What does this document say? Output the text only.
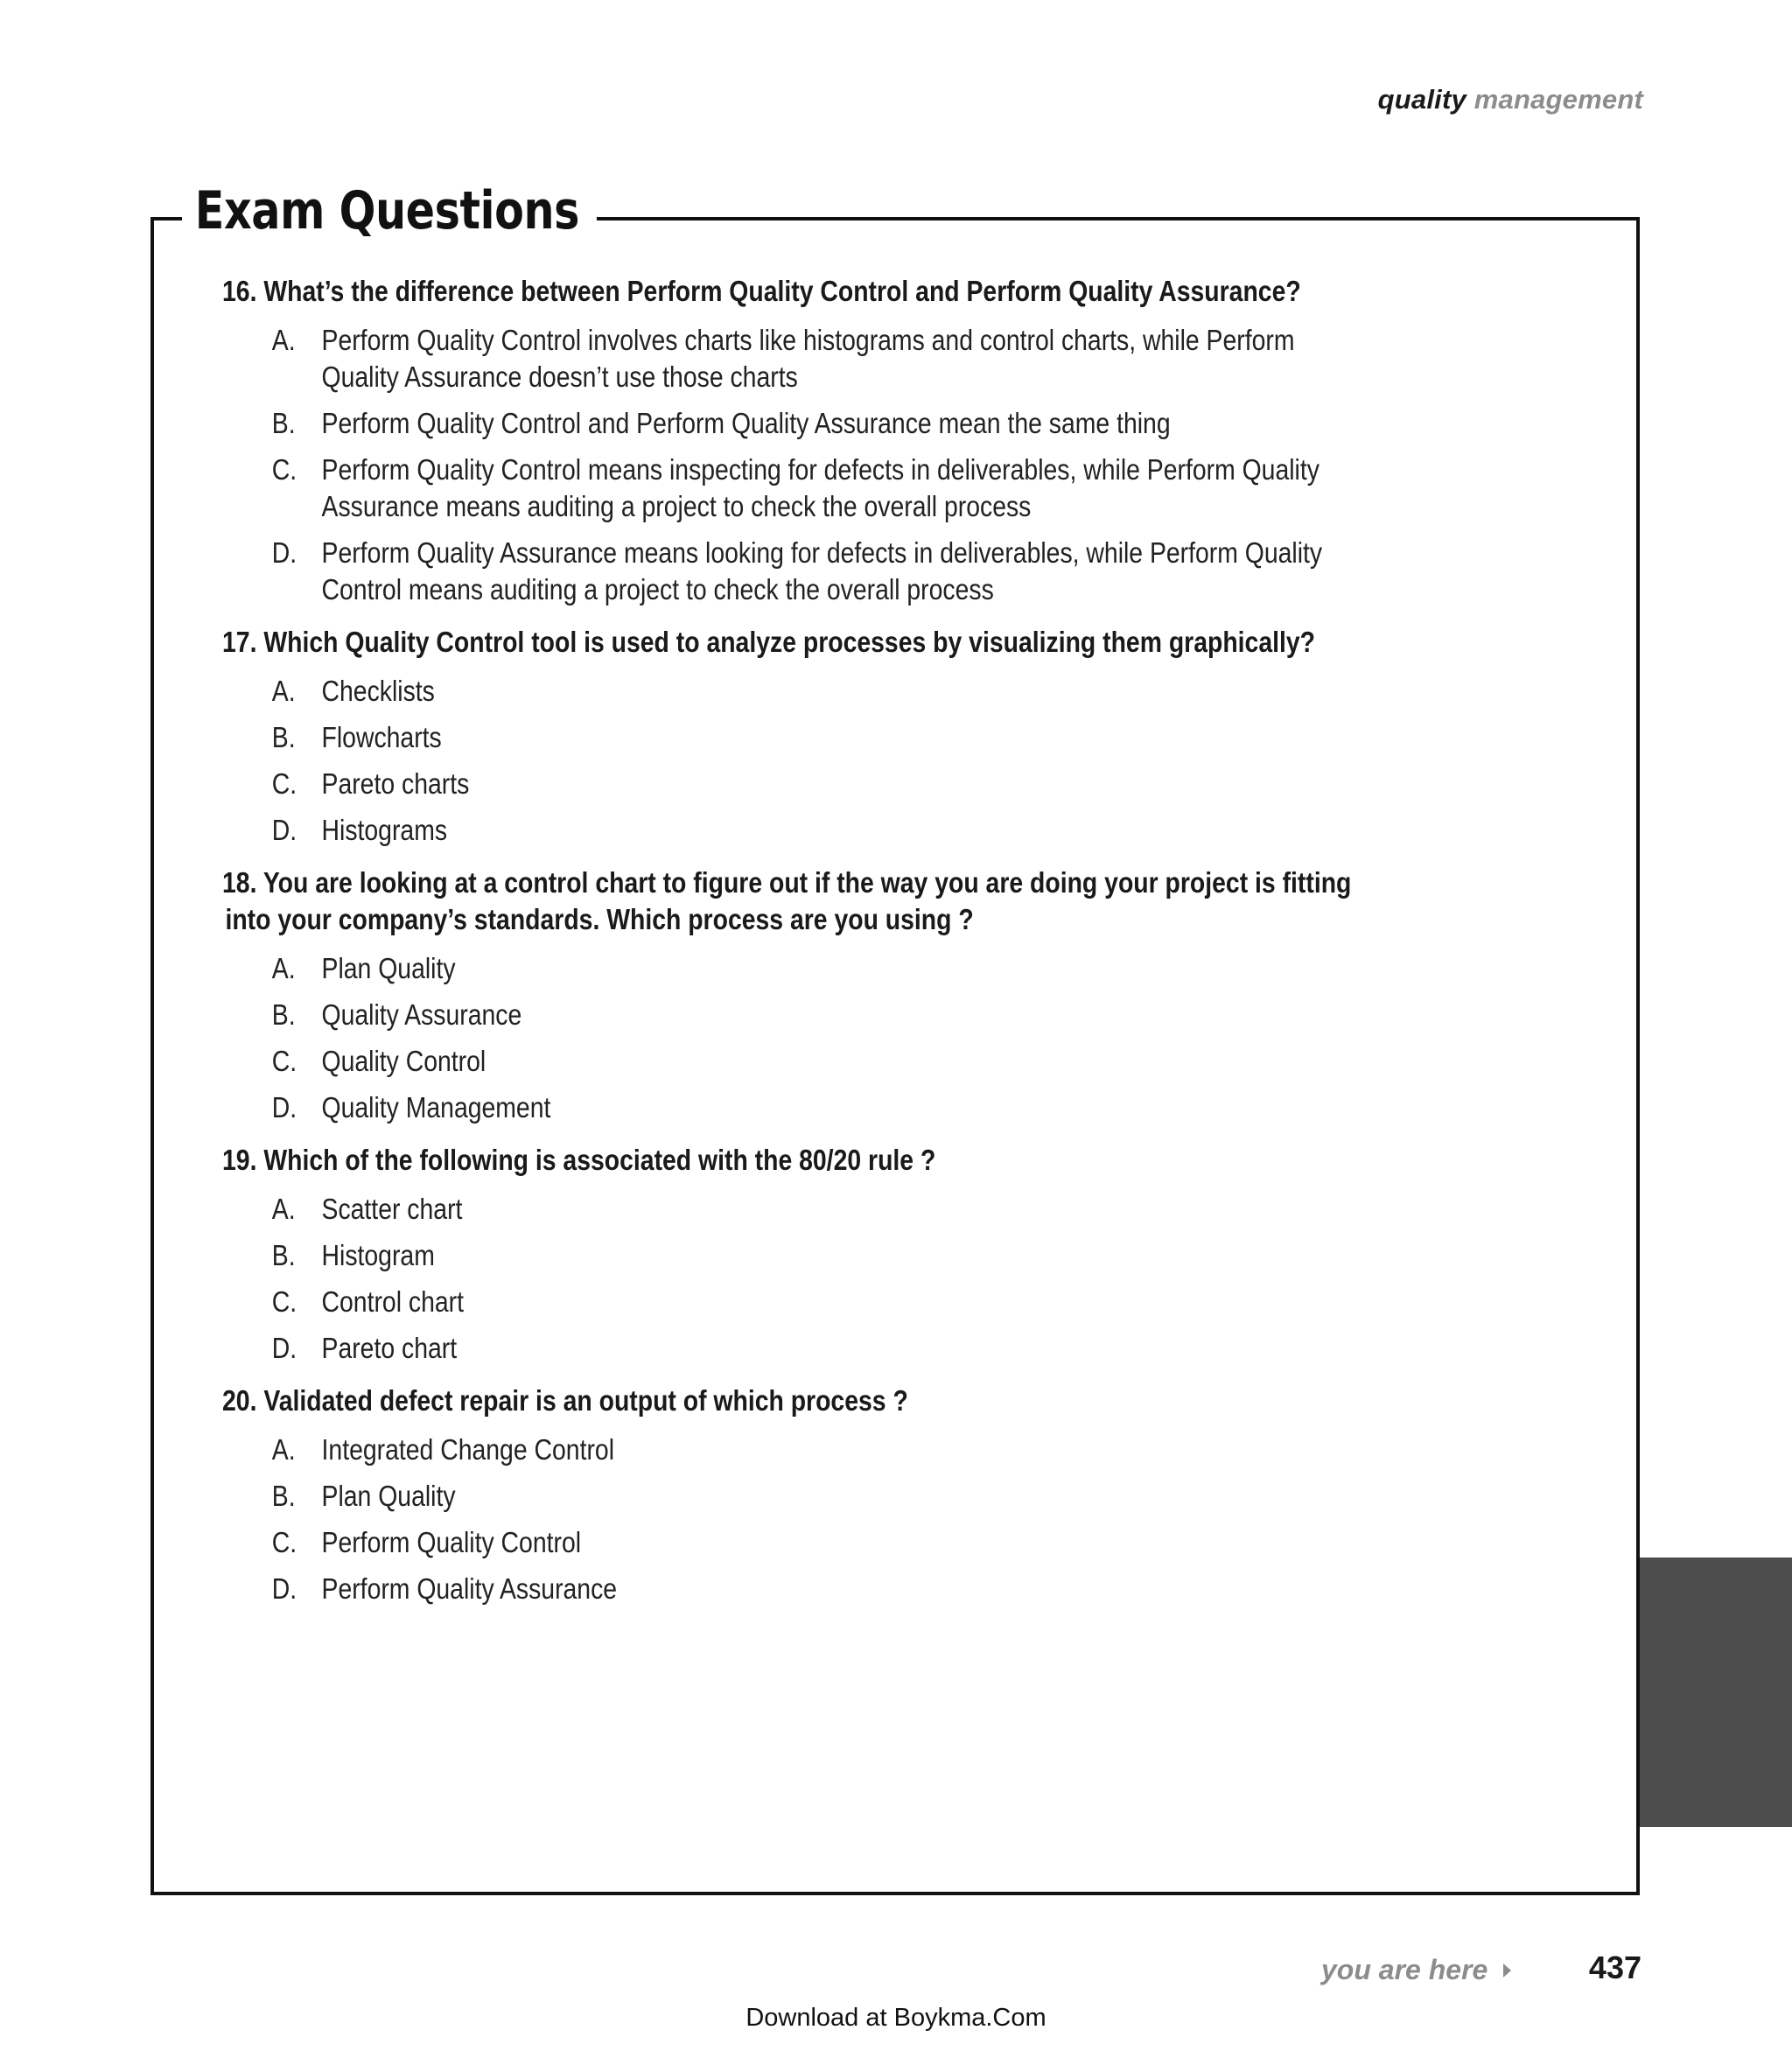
quality management
Exam Questions
16. What’s the difference between Perform Quality Control and Perform Quality Assurance?
A. Perform Quality Control involves charts like histograms and control charts, while Perform
Quality Assurance doesn’t use those charts
B. Perform Quality Control and Perform Quality Assurance mean the same thing
C. Perform Quality Control means inspecting for defects in deliverables, while Perform Quality
Assurance means auditing a project to check the overall process
D. Perform Quality Assurance means looking for defects in deliverables, while Perform Quality
Control means auditing a project to check the overall process
17. Which Quality Control tool is used to analyze processes by visualizing them graphically?
A. Checklists
B. Flowcharts
C. Pareto charts
D. Histograms
18. You are looking at a control chart to figure out if the way you are doing your project is fitting
into your company’s standards. Which process are you using ?
A. Plan Quality
B. Quality Assurance
C. Quality Control
D. Quality Management
19. Which of the following is associated with the 80/20 rule ?
A. Scatter chart
B. Histogram
C. Control chart
D. Pareto chart
20. Validated defect repair is an output of which process ?
A. Integrated Change Control
B. Plan Quality
C. Perform Quality Control
D. Perform Quality Assurance
you are here	437
Download at Boykma.Com
